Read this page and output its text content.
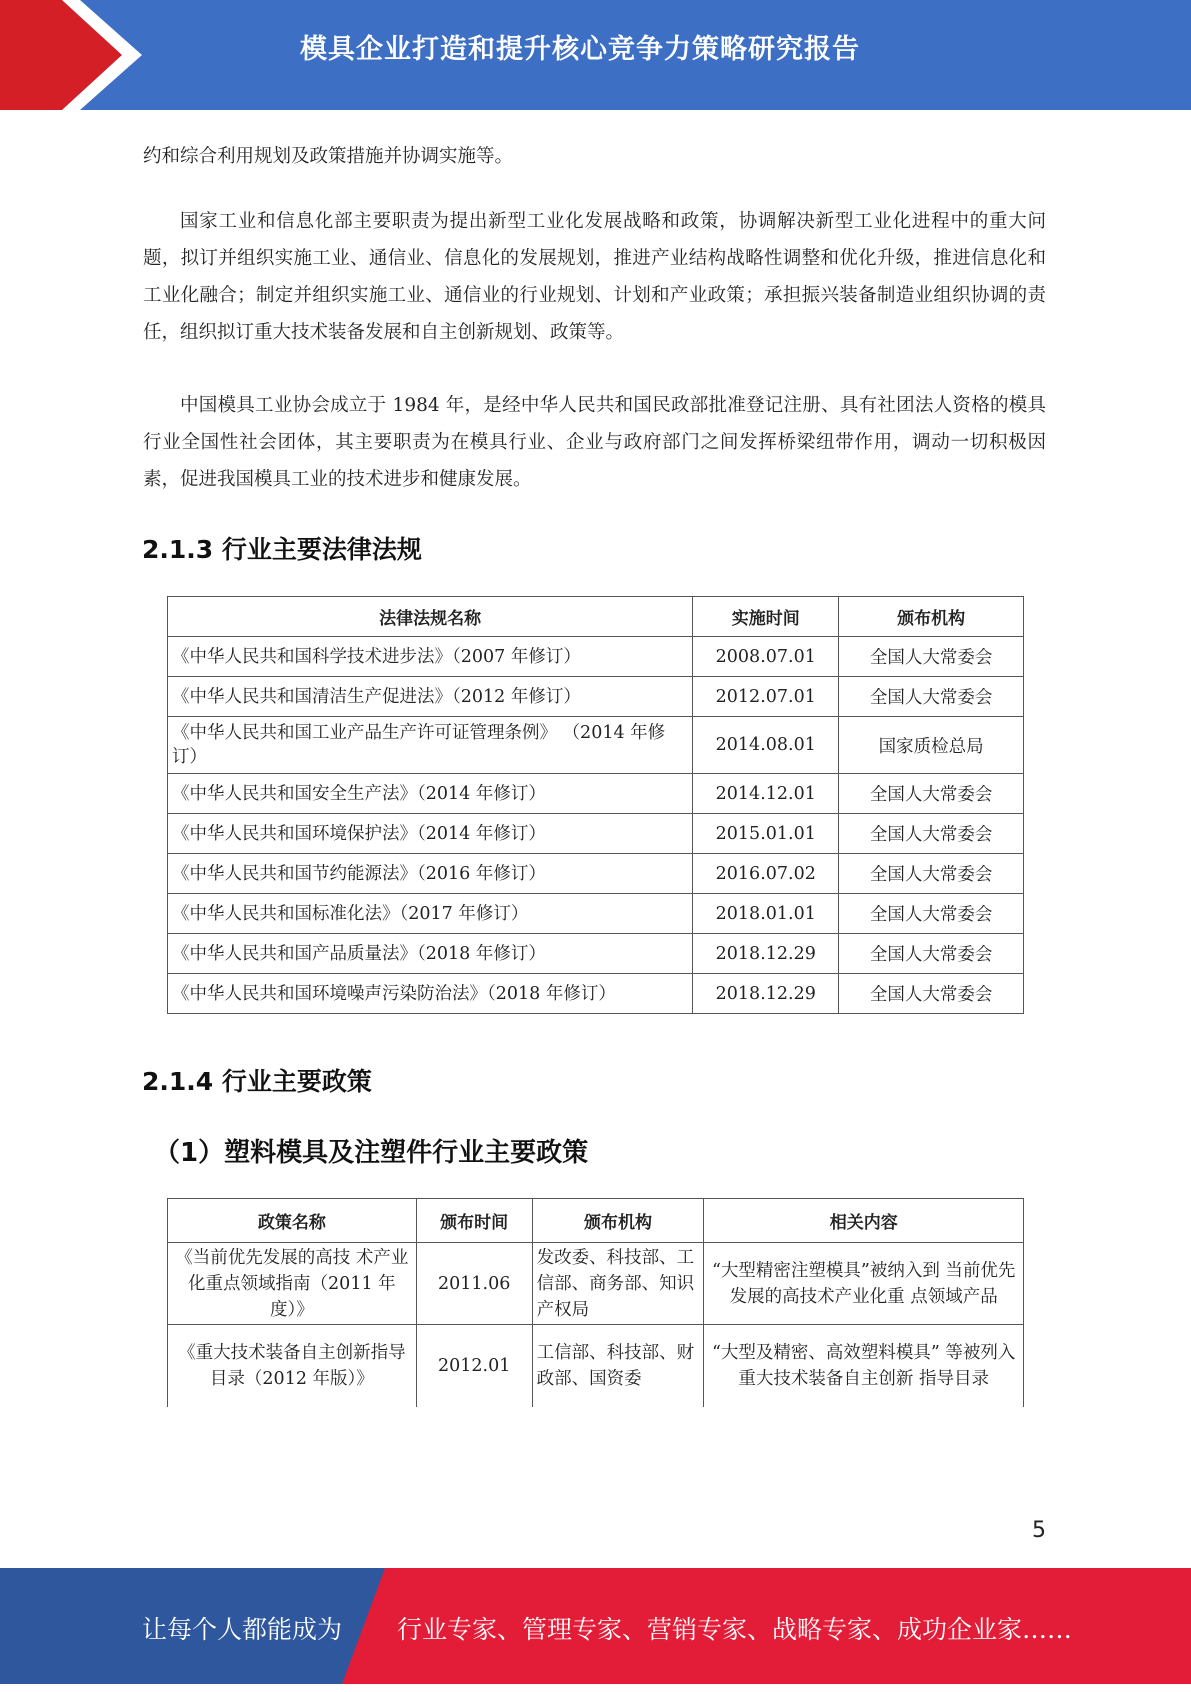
模具企业打造和提升核心竞争力策略研究报告

约和综合利用规划及政策措施并协调实施等。

国家工业和信息化部主要职责为提出新型工业化发展战略和政策，协调解决新型工业化进程中的重大问题，拟订并组织实施工业、通信业、信息化的发展规划，推进产业结构战略性调整和优化升级，推进信息化和工业化融合；制定并组织实施工业、通信业的行业规划、计划和产业政策；承担振兴装备制造业组织协调的责任，组织拟订重大技术装备发展和自主创新规划、政策等。

中国模具工业协会成立于 1984 年，是经中华人民共和国民政部批准登记注册、具有社团法人资格的模具行业全国性社会团体，其主要职责为在模具行业、企业与政府部门之间发挥桥梁纽带作用，调动一切积极因素，促进我国模具工业的技术进步和健康发展。

2.1.3 行业主要法律法规
法律法规名称	实施时间	颁布机构
《中华人民共和国科学技术进步法》（2007 年修订）	2008.07.01	全国人大常委会
《中华人民共和国清洁生产促进法》（2012 年修订）	2012.07.01	全国人大常委会
《中华人民共和国工业产品生产许可证管理条例》 （2014 年修订）	2014.08.01	国家质检总局
《中华人民共和国安全生产法》（2014 年修订）	2014.12.01	全国人大常委会
《中华人民共和国环境保护法》（2014 年修订）	2015.01.01	全国人大常委会
《中华人民共和国节约能源法》（2016 年修订）	2016.07.02	全国人大常委会
《中华人民共和国标准化法》（2017 年修订）	2018.01.01	全国人大常委会
《中华人民共和国产品质量法》（2018 年修订）	2018.12.29	全国人大常委会
《中华人民共和国环境噪声污染防治法》（2018 年修订）	2018.12.29	全国人大常委会
2.1.4 行业主要政策
（1）塑料模具及注塑件行业主要政策
政策名称	颁布时间	颁布机构	相关内容
《当前优先发展的高技 术产业化重点领域指南（2011 年度）》	2011.06	发改委、科技部、工信部、商务部、知识产权局	“大型精密注塑模具”被纳入到 当前优先发展的高技术产业化重 点领域产品
《重大技术装备自主创新指导目录（2012 年版）》	2012.01	工信部、科技部、财政部、国资委	“大型及精密、高效塑料模具” 等被列入重大技术装备自主创新 指导目录
5
让每个人都能成为 行业专家、管理专家、营销专家、战略专家、成功企业家……
